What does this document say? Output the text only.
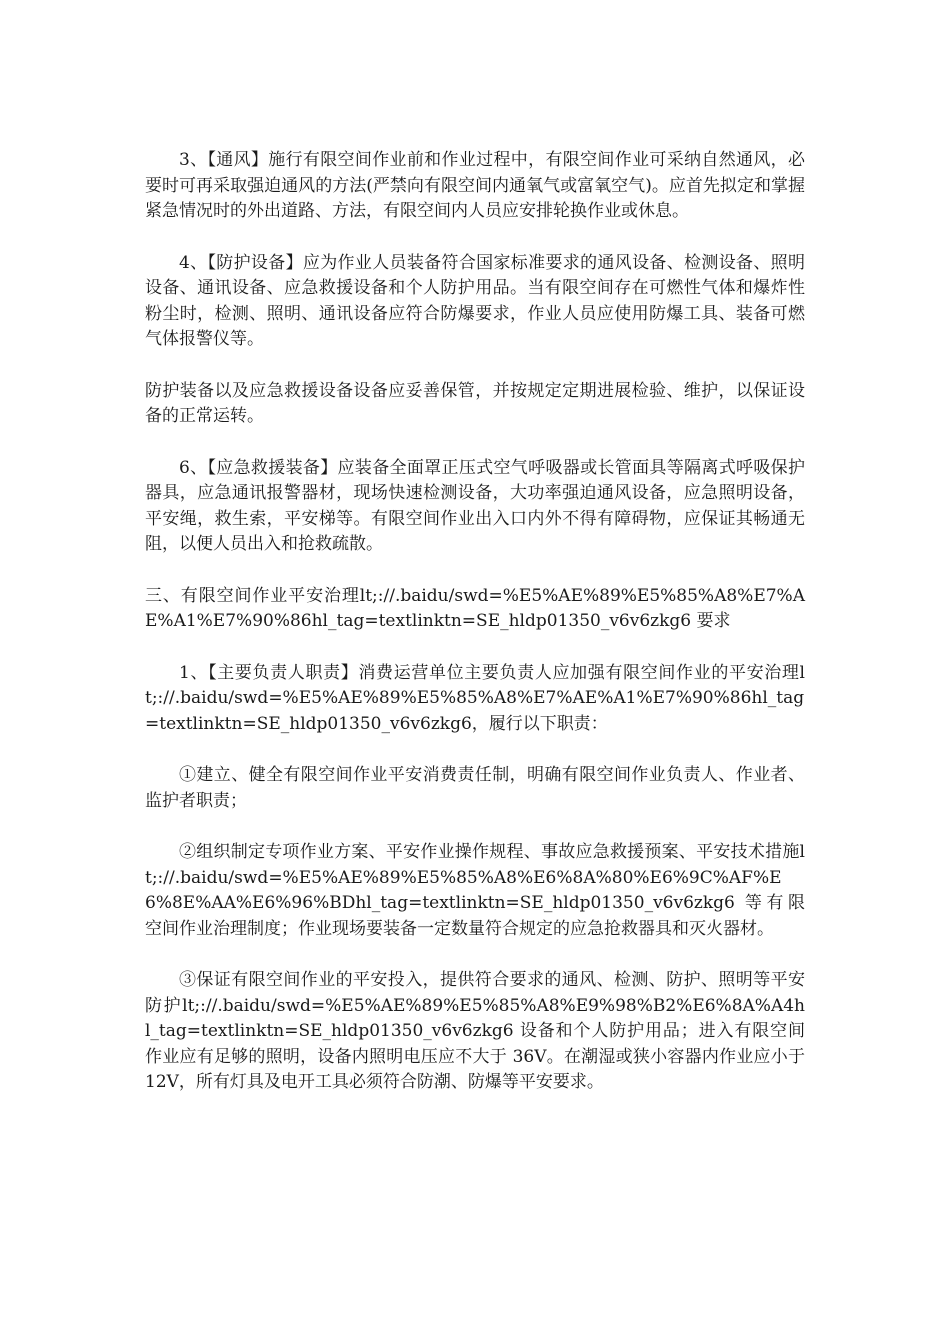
3、【通风】施行有限空间作业前和作业过程中，有限空间作业可采纳自然通风，必要时可再采取强迫通风的方法(严禁向有限空间内通氧气或富氧空气)。应首先拟定和掌握紧急情况时的外出道路、方法，有限空间内人员应安排轮换作业或休息。

4、【防护设备】应为作业人员装备符合国家标准要求的通风设备、检测设备、照明设备、通讯设备、应急救援设备和个人防护用品。当有限空间存在可燃性气体和爆炸性粉尘时，检测、照明、通讯设备应符合防爆要求，作业人员应使用防爆工具、装备可燃气体报警仪等。

防护装备以及应急救援设备设备应妥善保管，并按规定定期进展检验、维护，以保证设备的正常运转。

6、【应急救援装备】应装备全面罩正压式空气呼吸器或长管面具等隔离式呼吸保护器具，应急通讯报警器材，现场快速检测设备，大功率强迫通风设备，应急照明设备，平安绳，救生索，平安梯等。有限空间作业出入口内外不得有障碍物，应保证其畅通无阻，以便人员出入和抢救疏散。

三、有限空间作业平安治理lt;://.baidu/swd=%E5%AE%89%E5%85%A8%E7%AE%A1%E7%90%86hl_tag=textlinktn=SE_hldp01350_v6v6zkg6 要求

1、【主要负责人职责】消费运营单位主要负责人应加强有限空间作业的平安治理lt;://.baidu/swd=%E5%AE%89%E5%85%A8%E7%AE%A1%E7%90%86hl_tag=textlinktn=SE_hldp01350_v6v6zkg6，履行以下职责：

①建立、健全有限空间作业平安消费责任制，明确有限空间作业负责人、作业者、监护者职责；

②组织制定专项作业方案、平安作业操作规程、事故应急救援预案、平安技术措施lt;://.baidu/swd=%E5%AE%89%E5%85%A8%E6%8A%80%E6%9C%AF%E6%8E%AA%E6%96%BDhl_tag=textlinktn=SE_hldp01350_v6v6zkg6 等有限空间作业治理制度；作业现场要装备一定数量符合规定的应急抢救器具和灭火器材。

③保证有限空间作业的平安投入，提供符合要求的通风、检测、防护、照明等平安防护lt;://.baidu/swd=%E5%AE%89%E5%85%A8%E9%98%B2%E6%8A%A4hl_tag=textlinktn=SE_hldp01350_v6v6zkg6 设备和个人防护用品；进入有限空间作业应有足够的照明，设备内照明电压应不大于 36V。在潮湿或狭小容器内作业应小于 12V，所有灯具及电开工具必须符合防潮、防爆等平安要求。
